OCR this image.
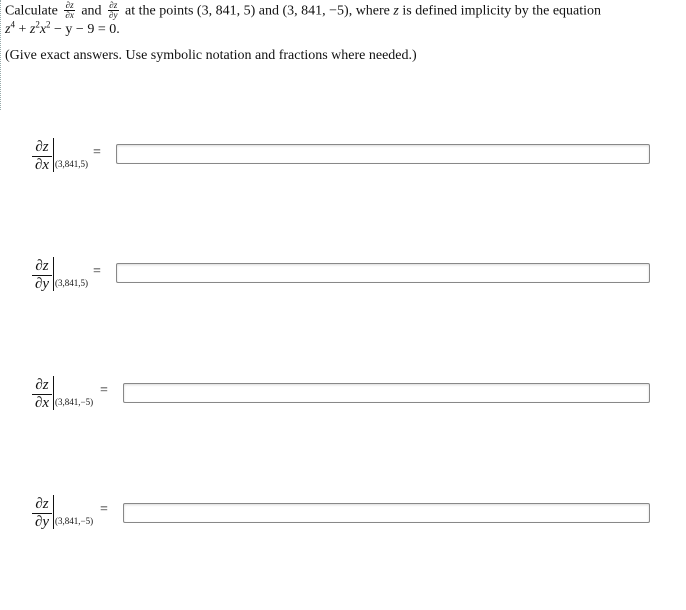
Calculate $\frac{\partial z}{\partial x}$ and $\frac{\partial z}{\partial y}$ at the points (3, 841, 5) and (3, 841, −5), where z is defined implicity by the equation
$z^4 + z^2x^2 - y - 9 = 0$.
(Give exact answers. Use symbolic notation and fractions where needed.)
$\frac{\partial z}{\partial x} (3,841,5)$
=
$\frac{\partial z}{\partial y} (3,841,5)$
=
$\frac{\partial z}{\partial x} (3,841,-5)$
=
$\frac{\partial z}{\partial y} (3,841,-5)$
=
